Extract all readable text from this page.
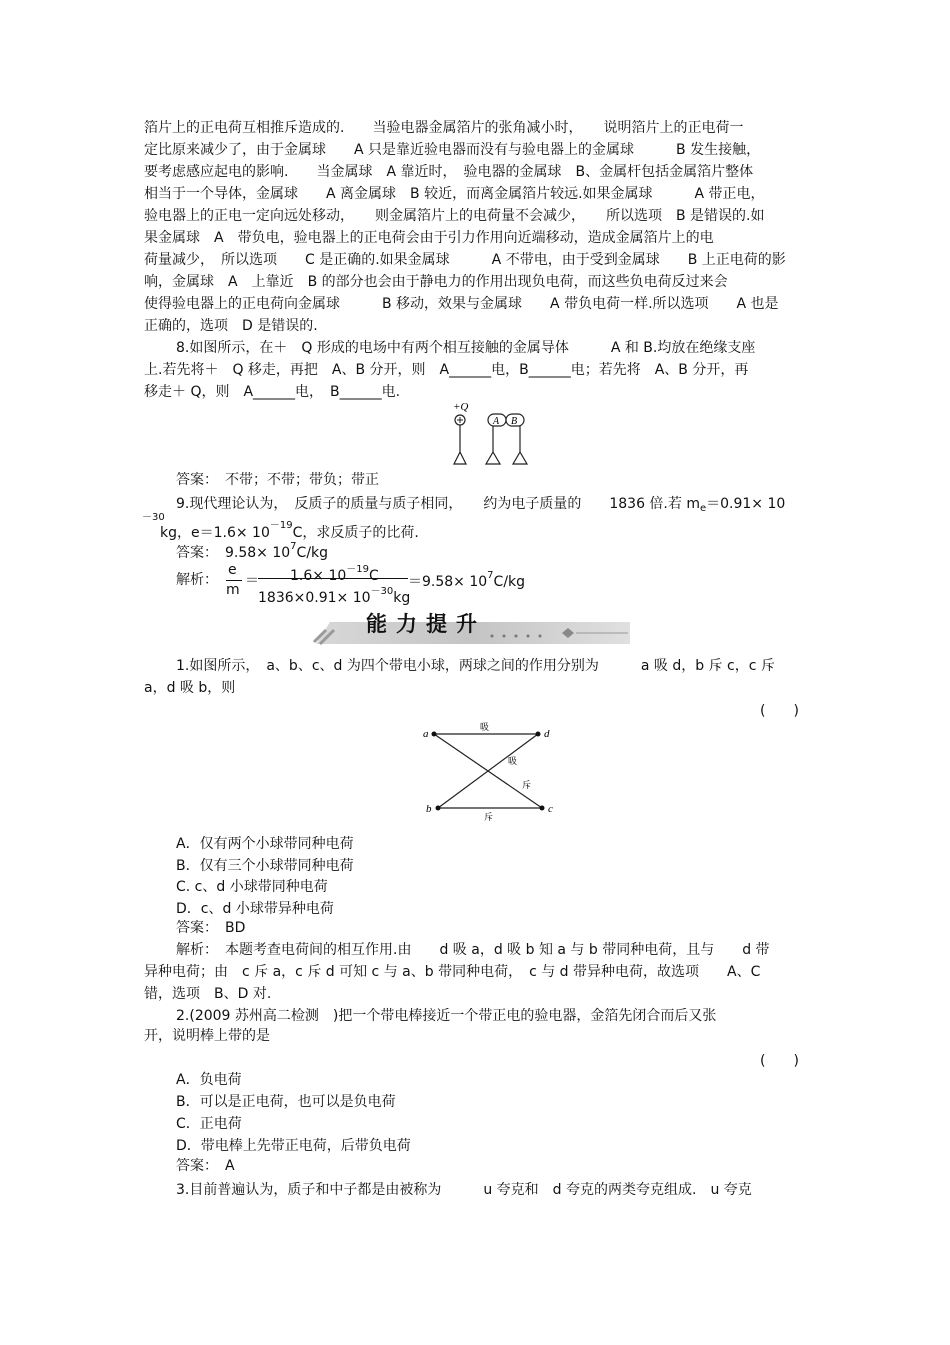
箔片上的正电荷互相推斥造成的.　　当验电器金属箔片的张角减小时，　　说明箔片上的正电荷一
定比原来减少了，由于金属球　　A 只是靠近验电器而没有与验电器上的金属球　　　B 发生接触，
要考虑感应起电的影响.　　当金属球　A 靠近时，　验电器的金属球　B、金属杆包括金属箔片整体
相当于一个导体，金属球　　A 离金属球　B 较近，而离金属箔片较远.如果金属球　　　A 带正电，
验电器上的正电一定向远处移动，　　则金属箔片上的电荷量不会减少，　　所以选项　B 是错误的.如
果金属球　A　带负电，验电器上的正电荷会由于引力作用向近端移动，造成金属箔片上的电
荷量减少，　所以选项　　C 是正确的.如果金属球　　　A 不带电，由于受到金属球　　B 上正电荷的影
响，金属球　A　上靠近　B 的部分也会由于静电力的作用出现负电荷，而这些负电荷反过来会
使得验电器上的正电荷向金属球　　　B 移动，效果与金属球　　A 带负电荷一样.所以选项　　A 也是
正确的，选项　D 是错误的.
8.如图所示，在＋　Q 形成的电场中有两个相互接触的金属导体　　　A 和 B.均放在绝缘支座
上.若先将＋　Q 移走，再把　A、B 分开，则　A______电，B______电；若先将　A、B 分开，再
移走＋ Q，则　A______电，　B______电.
+Q
A B
答案：　不带；不带；带负；带正
9.现代理论认为，　反质子的质量与质子相同，　　约为电子质量的　　1836 倍.若 $m_e=0.91\times 10$
－30
kg，$e=1.6\times 10^{-19}C$，求反质子的比荷.
答案：　$9.58\times 10^7C/kg$
解析：
e
m
＝ $1.6\times 10^{-19}C$
$1836\times 0.91\times 10^{-30}kg$
$=9.58\times 10^7C/kg$
能力提升
1.如图所示，　a、b、c、d 为四个带电小球，两球之间的作用分别为　　　a 吸 d，b 斥 c，c 斥
a，d 吸 b，则
(　　)
a	d
b	c
吸
吸
斥
斥
A．仅有两个小球带同种电荷
B．仅有三个小球带同种电荷
C. c、d 小球带同种电荷
D．c、d 小球带异种电荷
答案：　BD
解析：　本题考查电荷间的相互作用.由　　d 吸 a，d 吸 b 知 a 与 b 带同种电荷，且与　　d 带
异种电荷；由　c 斥 a，c 斥 d 可知 c 与 a、b 带同种电荷，　c 与 d 带异种电荷，故选项　　A、C
错，选项　B、D 对.
2.(2009 苏州高二检测　)把一个带电棒接近一个带正电的验电器，金箔先闭合而后又张
开，说明棒上带的是
(　　)
A．负电荷
B．可以是正电荷，也可以是负电荷
C．正电荷
D．带电棒上先带正电荷，后带负电荷
答案：　A
3.目前普遍认为，质子和中子都是由被称为　　　u 夸克和　d 夸克的两类夸克组成.　u 夸克
